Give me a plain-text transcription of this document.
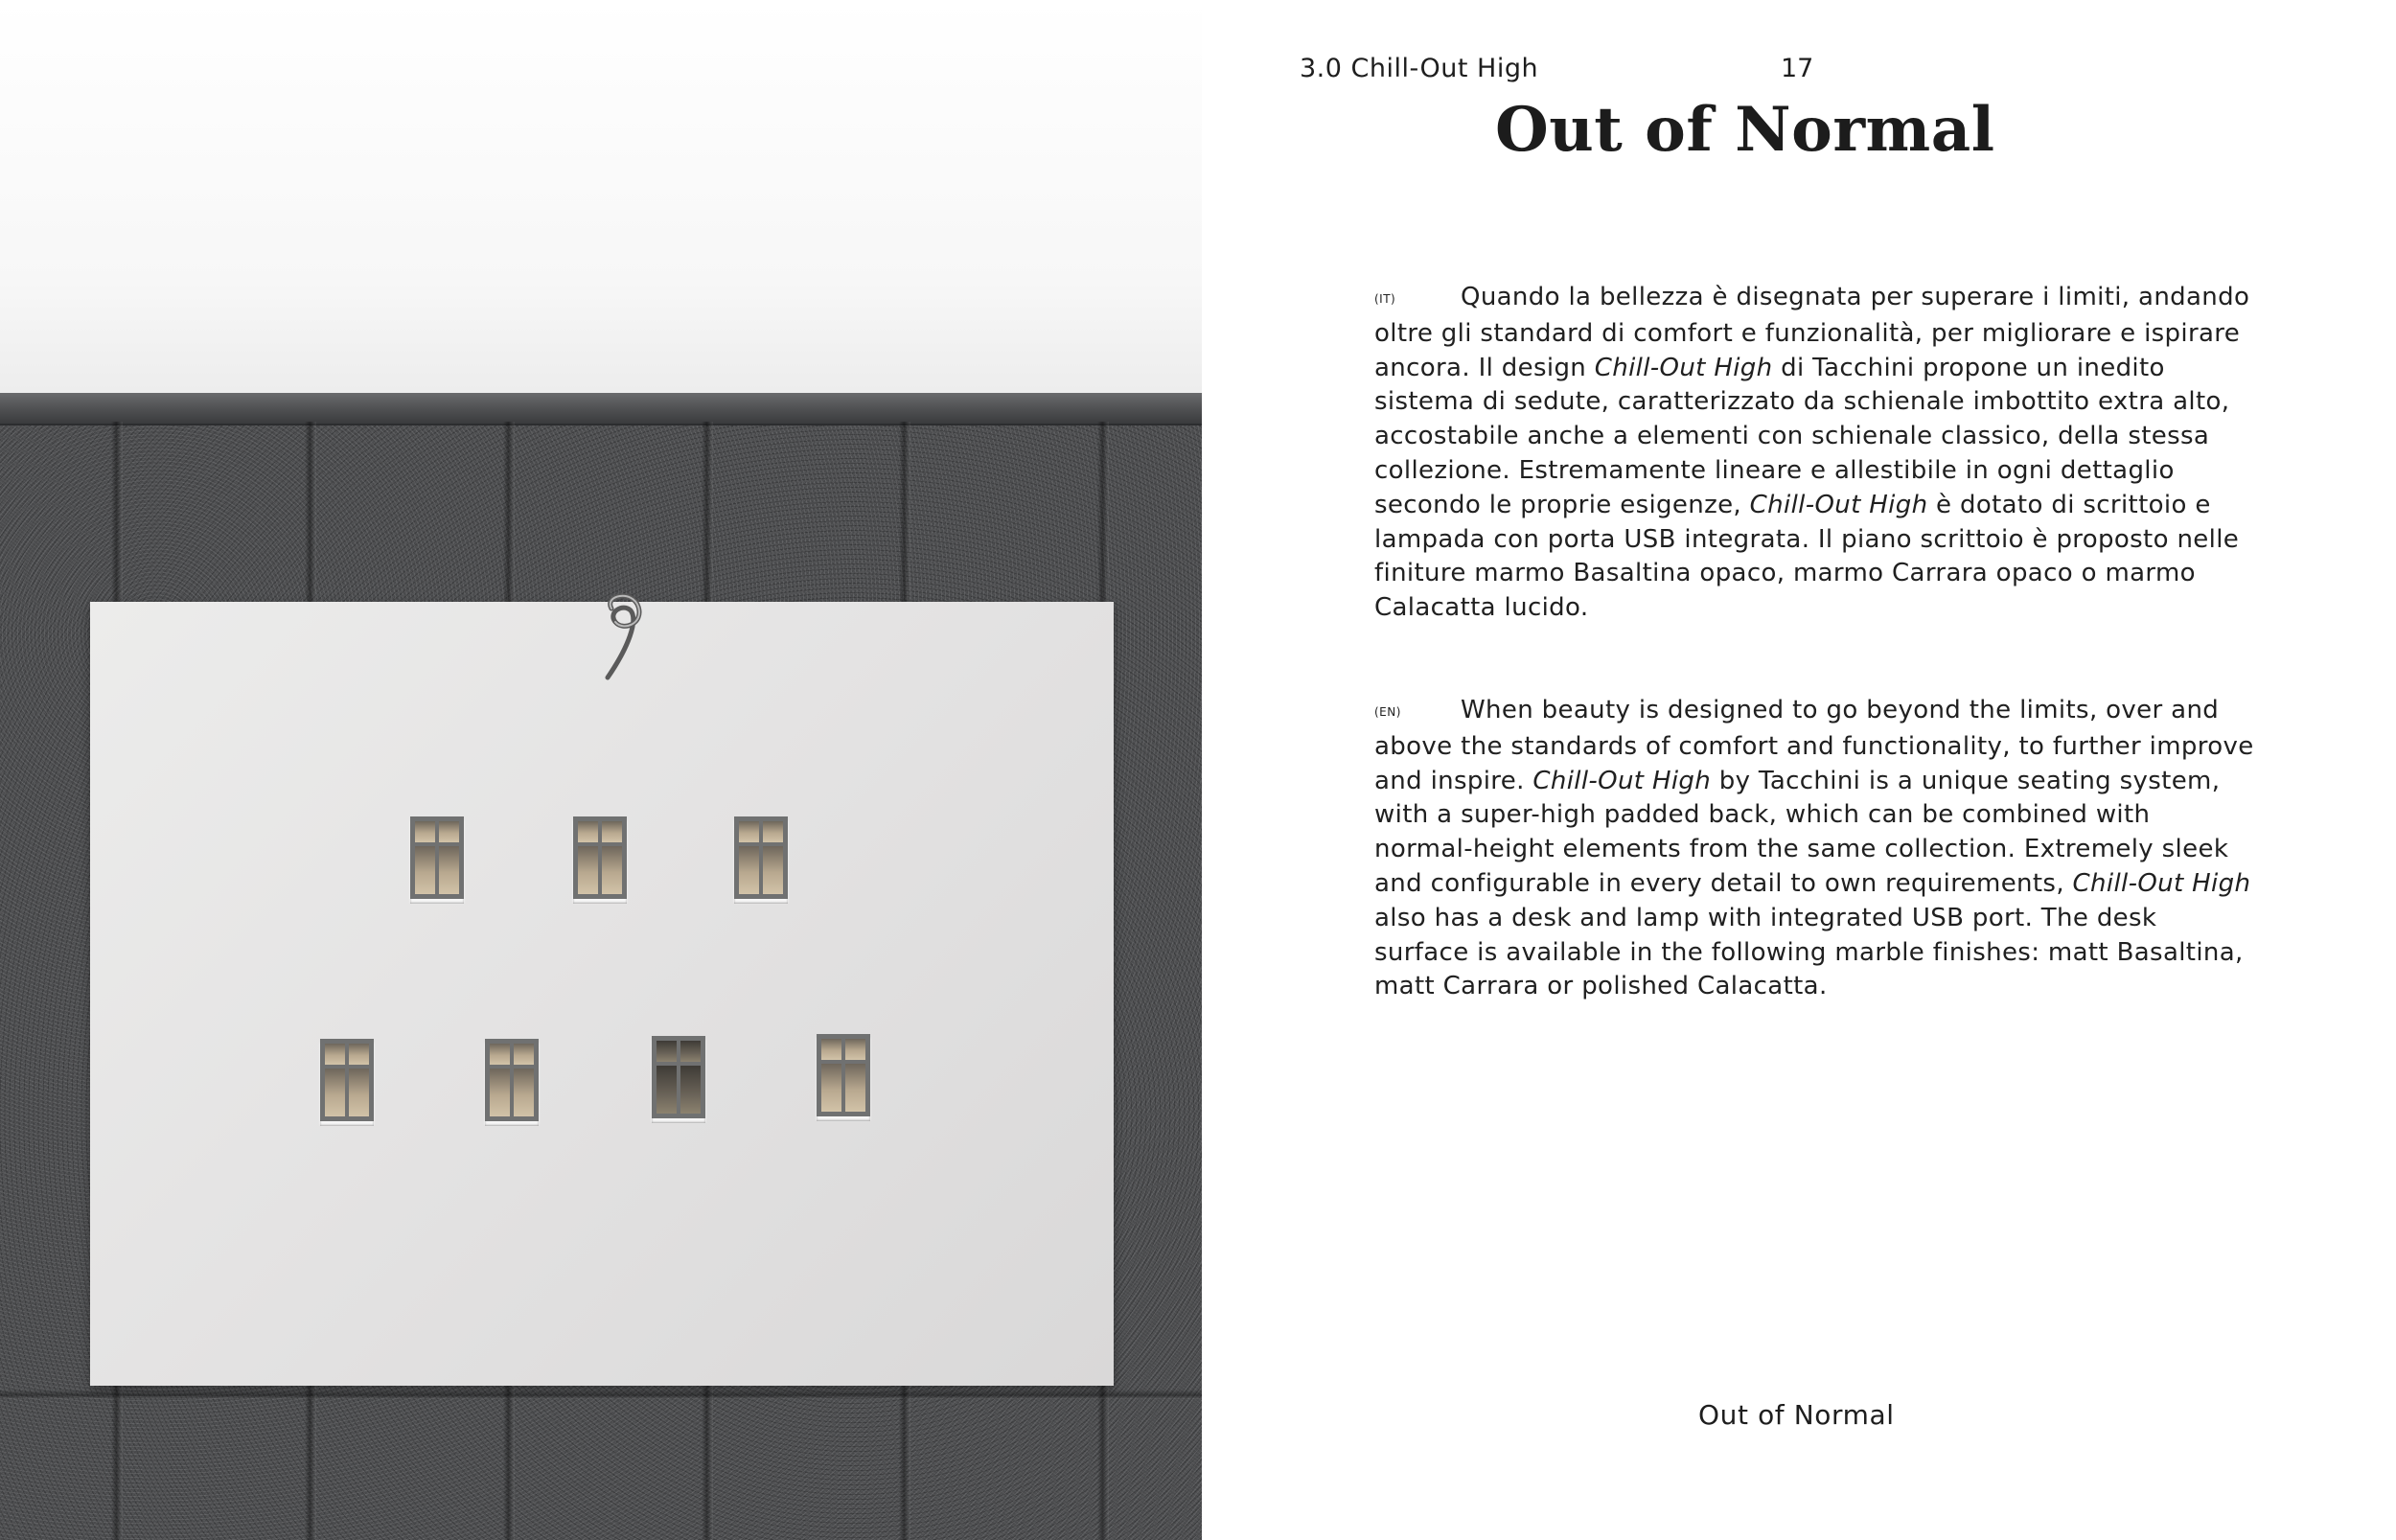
3.0 Chill-Out High	17

Out of Normal

(IT)	Quando la bellezza è disegnata per superare i limiti, andando oltre gli standard di comfort e funzionalità, per migliorare e ispirare ancora. Il design Chill-Out High di Tacchini propone un inedito sistema di sedute, caratterizzato da schienale imbottito extra alto, accostabile anche a elementi con schienale classico, della stessa collezione. Estremamente lineare e allestibile in ogni dettaglio secondo le proprie esigenze, Chill-Out High è dotato di scrittoio e lampada con porta USB integrata. Il piano scrittoio è proposto nelle finiture marmo Basaltina opaco, marmo Carrara opaco o marmo Calacatta lucido.

(EN) When beauty is designed to go beyond the limits, over and above the standards of comfort and functionality, to further improve and inspire. Chill-Out High by Tacchini is a unique seating system, with a super-high padded back, which can be combined with normal-height elements from the same collection. Extremely sleek and configurable in every detail to own requirements, Chill-Out High also has a desk and lamp with integrated USB port. The desk surface is available in the following marble finishes: matt Basaltina, matt Carrara or polished Calacatta.

Out of Normal
